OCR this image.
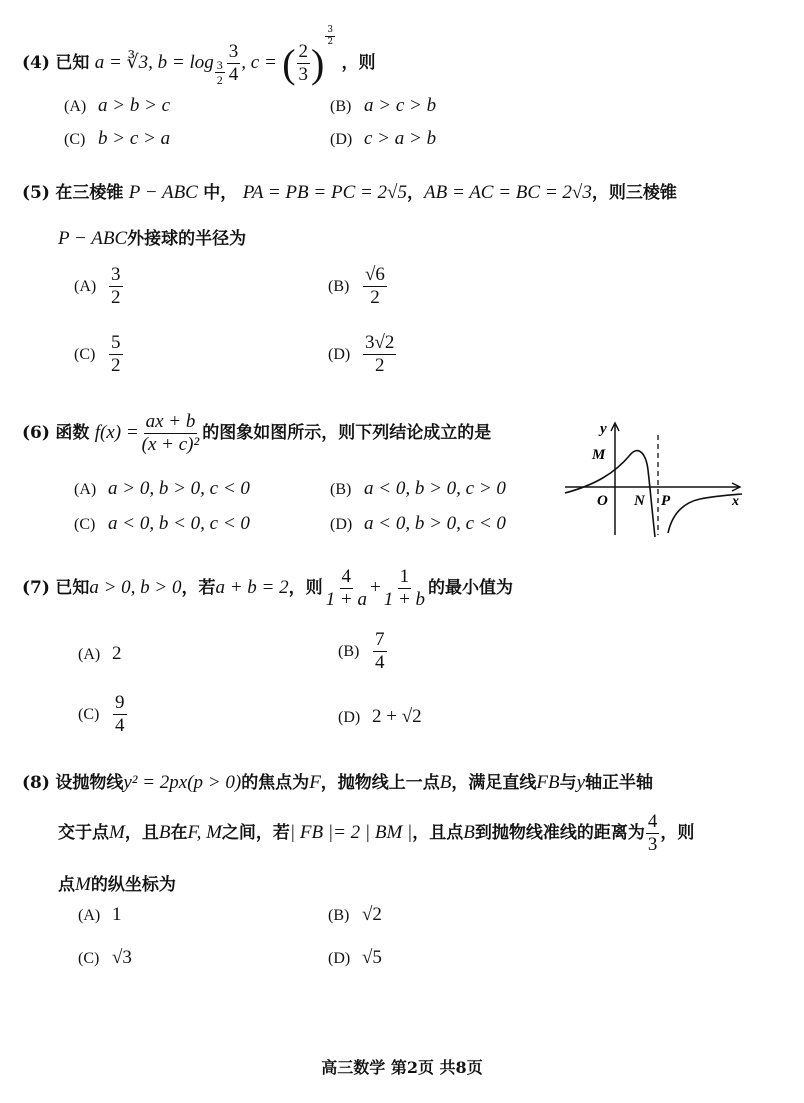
(4) 已知 a = ∛3, $b = \log \frac{3}{2} \frac{3}{4}$ , c = ( $\frac{2}{3}$ )
$\frac{3}{2}$
，则
(A) a > b > c	(B) a > c > b
(C) b > c > a	(D) c > a > b
(5) 在三棱锥 P − ABC 中， PA = PB = PC = 2√5，AB = AC = BC = 2√3，则三棱锥
P − ABC外接球的半径为
$(A) \frac{3}{2}$	$(B) \frac{√6}{2}$
$(C) \frac{5}{2}$	$(D) \frac{3√2}{2}$
(6) 函数 $f(x) = \frac{ax + b}{\text{(x + c)²}}$ 的图象如图所示，则下列结论成立的是
(A) a > 0, b > 0, c < 0	(B) a < 0, b > 0, c > 0
(C) a < 0, b < 0, c < 0	(D) a < 0, b > 0, c < 0
y
x
M
O N P
(7) 已知a > 0, b > 0，若a + b = 2，则 $\frac{4}{1 + a} + \frac{1}{1 + b}$ 的最小值为
(A) 2	$(B) \frac{7}{4}$
$(C) \frac{9}{4}$	(D) 2 + √2
(8) 设抛物线y² = 2px(p > 0)的焦点为F，抛物线上一点B，满足直线FB与y轴正半轴
交于点M，且B在F, M之间，若| FB |= 2 | BM |，且点B到抛物线准线的距离为 $\frac{4}{3}$ ，则
点M的纵坐标为
(A) 1	(B) √2
(C) √3	(D) √5
高三数学 第2页 共8页
